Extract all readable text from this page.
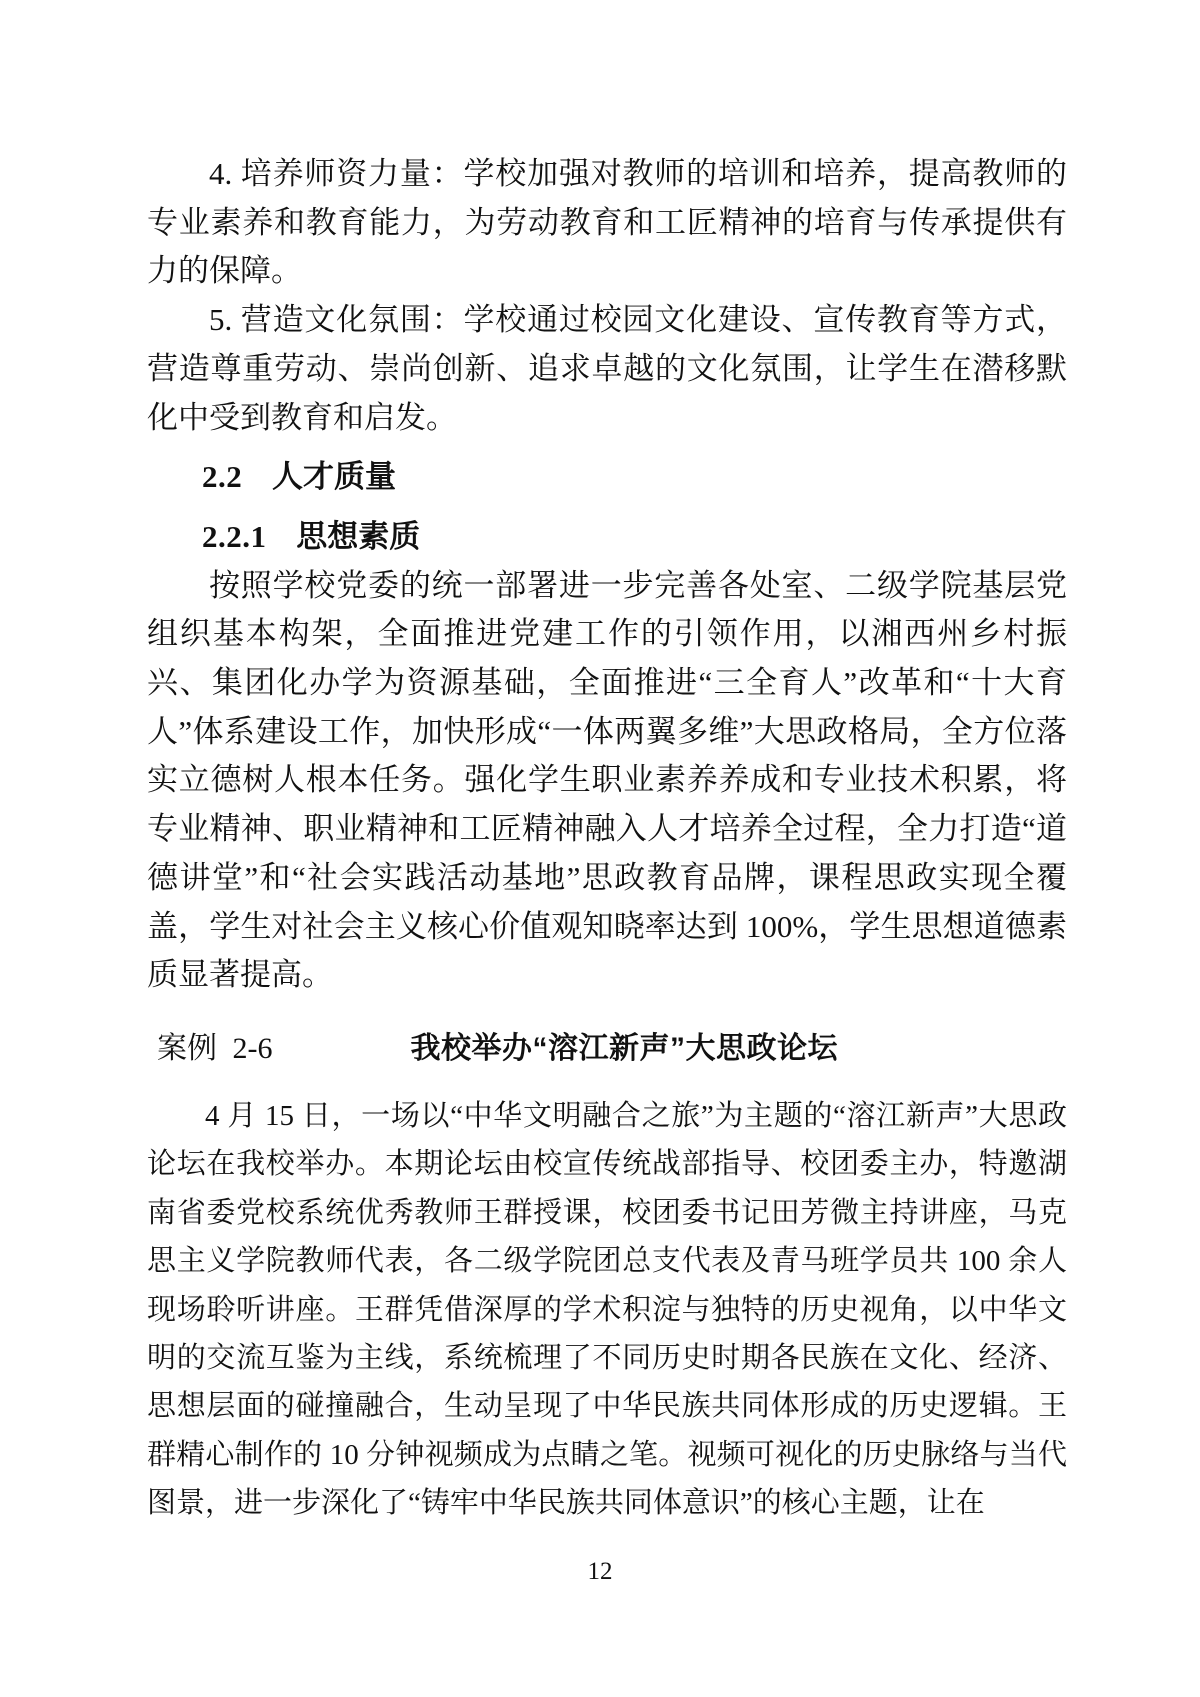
4. 培养师资力量：学校加强对教师的培训和培养，提高教师的专业素养和教育能力，为劳动教育和工匠精神的培育与传承提供有力的保障。

5. 营造文化氛围：学校通过校园文化建设、宣传教育等方式，营造尊重劳动、崇尚创新、追求卓越的文化氛围，让学生在潜移默化中受到教育和启发。

2.2 人才质量
2.2.1 思想素质

按照学校党委的统一部署进一步完善各处室、二级学院基层党组织基本构架，全面推进党建工作的引领作用，以湘西州乡村振兴、集团化办学为资源基础，全面推进“三全育人”改革和“十大育人”体系建设工作，加快形成“一体两翼多维”大思政格局，全方位落实立德树人根本任务。强化学生职业素养养成和专业技术积累，将专业精神、职业精神和工匠精神融入人才培养全过程，全力打造“道德讲堂”和“社会实践活动基地”思政教育品牌，课程思政实现全覆盖，学生对社会主义核心价值观知晓率达到 100%，学生思想道德素质显著提高。

案例 2-6	我校举办“溶江新声”大思政论坛

4 月 15 日，一场以“中华文明融合之旅”为主题的“溶江新声”大思政论坛在我校举办。本期论坛由校宣传统战部指导、校团委主办，特邀湖南省委党校系统优秀教师王群授课，校团委书记田芳微主持讲座，马克思主义学院教师代表，各二级学院团总支代表及青马班学员共 100 余人现场聆听讲座。王群凭借深厚的学术积淀与独特的历史视角，以中华文明的交流互鉴为主线，系统梳理了不同历史时期各民族在文化、经济、思想层面的碰撞融合，生动呈现了中华民族共同体形成的历史逻辑。王群精心制作的 10 分钟视频成为点睛之笔。视频可视化的历史脉络与当代图景，进一步深化了“铸牢中华民族共同体意识”的核心主题，让在

12
